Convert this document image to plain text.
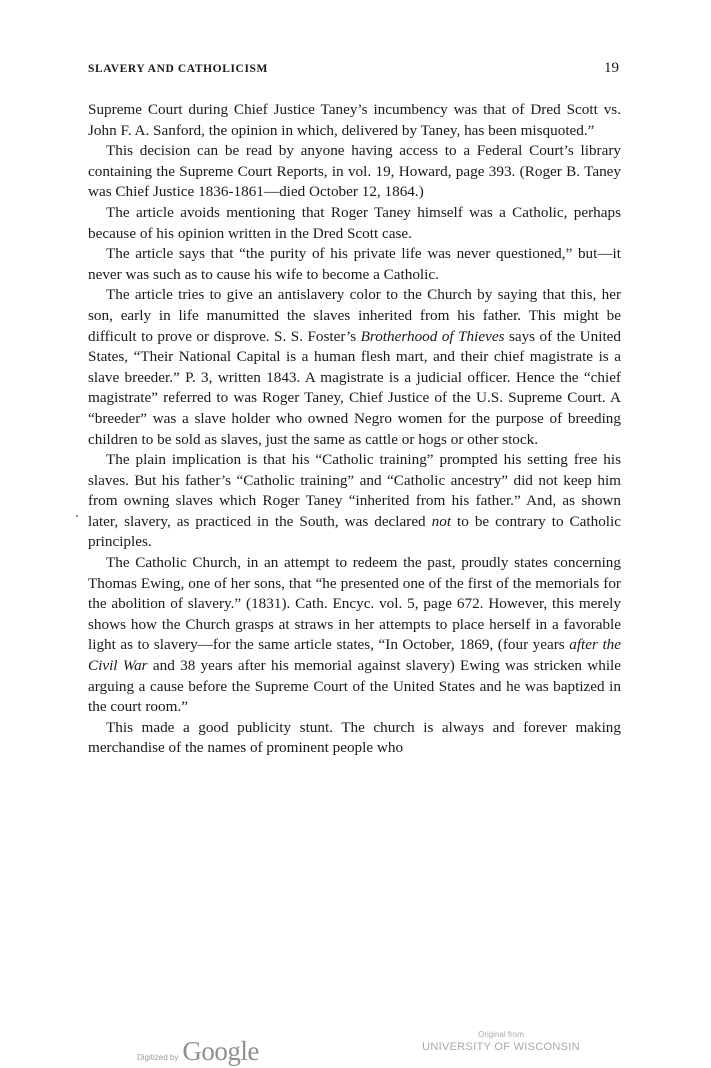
SLAVERY AND CATHOLICISM	19

Supreme Court during Chief Justice Taney’s incumbency was that of Dred Scott vs. John F. A. Sanford, the opinion in which, delivered by Taney, has been misquoted.”

This decision can be read by anyone having access to a Federal Court’s library containing the Supreme Court Reports, in vol. 19, Howard, page 393. (Roger B. Taney was Chief Justice 1836-1861—died October 12, 1864.)

The article avoids mentioning that Roger Taney himself was a Catholic, perhaps because of his opinion written in the Dred Scott case.

The article says that “the purity of his private life was never questioned,” but—it never was such as to cause his wife to become a Catholic.

The article tries to give an antislavery color to the Church by saying that this, her son, early in life manumitted the slaves inherited from his father. This might be difficult to prove or disprove. S. S. Foster’s Brotherhood of Thieves says of the United States, “Their National Capital is a human flesh mart, and their chief magistrate is a slave breeder.” P. 3, written 1843. A magistrate is a judicial officer. Hence the “chief magistrate” referred to was Roger Taney, Chief Justice of the U.S. Supreme Court. A “breeder” was a slave holder who owned Negro women for the purpose of breeding children to be sold as slaves, just the same as cattle or hogs or other stock.

The plain implication is that his “Catholic training” prompted his setting free his slaves. But his father’s “Catholic training” and “Catholic ancestry” did not keep him from owning slaves which Roger Taney “inherited from his father.” And, as shown later, slavery, as practiced in the South, was declared not to be contrary to Catholic principles.

The Catholic Church, in an attempt to redeem the past, proudly states concerning Thomas Ewing, one of her sons, that “he presented one of the first of the memorials for the abolition of slavery.” (1831). Cath. Encyc. vol. 5, page 672. However, this merely shows how the Church grasps at straws in her attempts to place herself in a favorable light as to slavery—for the same article states, “In October, 1869, (four years after the Civil War and 38 years after his memorial against slavery) Ewing was stricken while arguing a cause before the Supreme Court of the United States and he was baptized in the court room.”

This made a good publicity stunt. The church is always and forever making merchandise of the names of prominent people who

Digitized by Google
Original from
UNIVERSITY OF WISCONSIN
